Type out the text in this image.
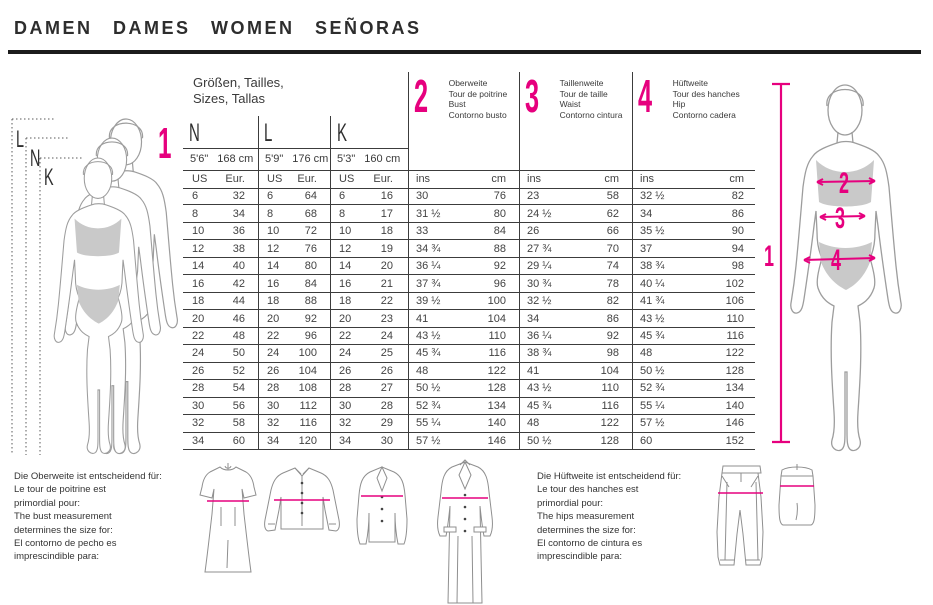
DAMEN DAMES WOMEN SEÑORAS
L
N
K
1
Größen, Tailles,
Sizes, Tallas
N	L	K
2 Oberweite
Tour de poitrine
Bust
Contorno busto 3 Taillenweite
Tour de taille
Waist
Contorno cintura 4 Hüftweite
Tour des hanches
Hip
Contorno cadera
5'6" 168 cm 5'9" 176 cm 5'3" 160 cm
US	Eur.	US	Eur.	US	Eur.	ins	cm	ins	cm	ins	cm
6	32	6	64	6	16	30	76	23	58	32 ½	82
8	34	8	68	8	17	31 ½	80	24 ½	62	34	86
10	36	10	72	10	18	33	84	26	66	35 ½	90
12	38	12	76	12	19	34 ¾	88	27 ¾	70	37	94
14	40	14	80	14	20	36 ¼	92	29 ¼	74	38 ¾	98
16	42	16	84	16	21	37 ¾	96	30 ¾	78	40 ¼	102
18	44	18	88	18	22	39 ½	100	32 ½	82	41 ¾	106
20	46	20	92	20	23	41	104	34	86	43 ½	110
22	48	22	96	22	24	43 ½	110	36 ¼	92	45 ¾	116
24	50	24	100	24	25	45 ¾	116	38 ¾	98	48	122
26	52	26	104	26	26	48	122	41	104	50 ½	128
28	54	28	108	28	27	50 ½	128	43 ½	110	52 ¾	134
30	56	30	112	30	28	52 ¾	134	45 ¾	116	55 ¼	140
32	58	32	116	32	29	55 ¼	140	48	122	57 ½	146
34	60	34	120	34	30	57 ½	146	50 ½	128	60	152
1
2
3
4
Die Oberweite ist entscheidend für:
Le tour de poitrine est
primordial pour:
The bust measurement
determines the size for:
El contorno de pecho es
imprescindible para:
Die Hüftweite ist entscheidend für:
Le tour des hanches est
primordial pour:
The hips measurement
determines the size for:
El contorno de cintura es
imprescindible para:
